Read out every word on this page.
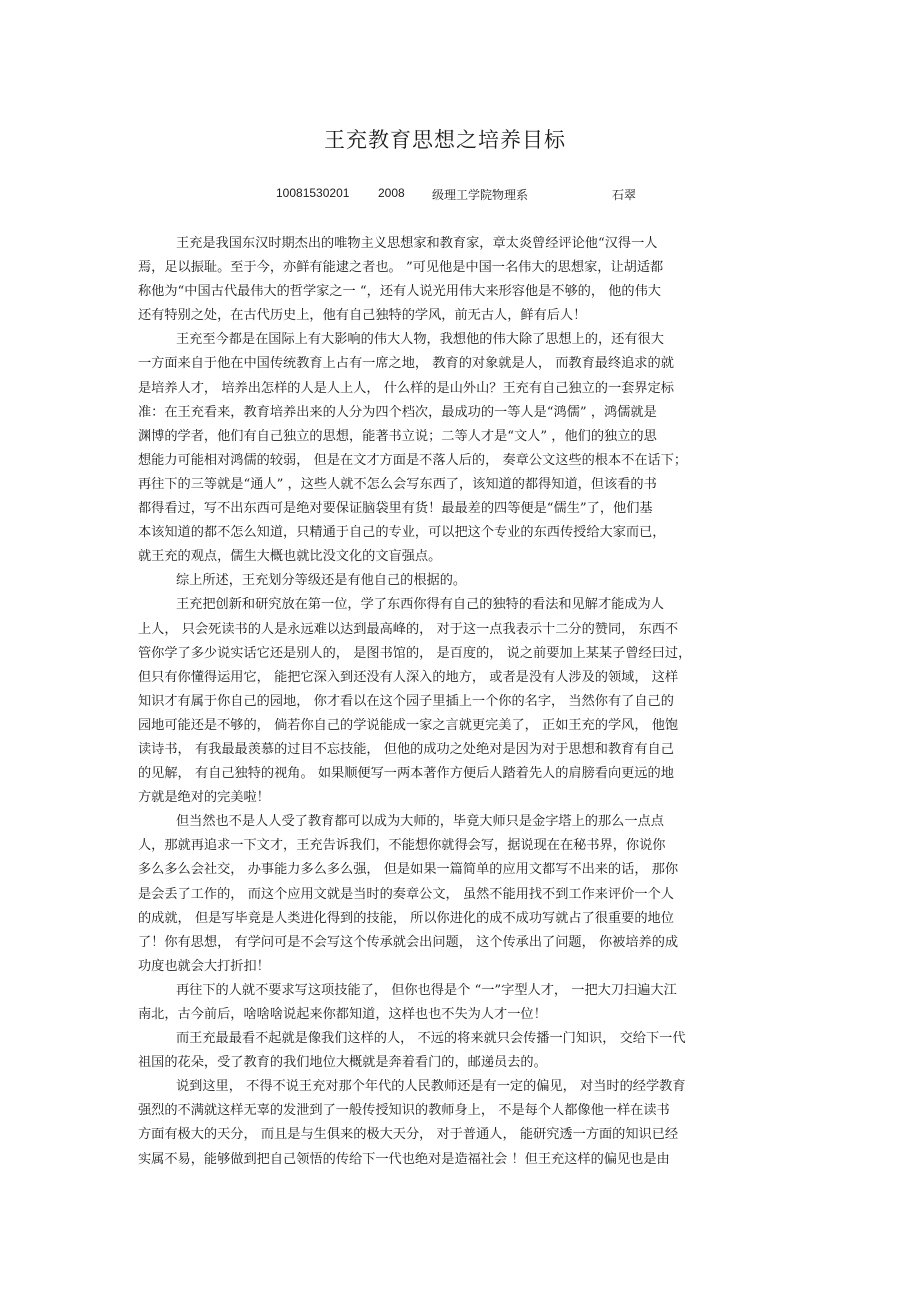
王充教育思想之培养目标
10081530201 2008 级理工学院物理系	石翠
王充是我国东汉时期杰出的唯物主义思想家和教育家，章太炎曾经评论他“汉得一人
焉，足以振耻。至于今，亦鲜有能逮之者也。 ”可见他是中国一名伟大的思想家，让胡适都
称他为“中国古代最伟大的哲学家之一 “，还有人说光用伟大来形容他是不够的， 他的伟大
还有特别之处，在古代历史上，他有自己独特的学风，前无古人，鲜有后人！
王充至今都是在国际上有大影响的伟大人物，我想他的伟大除了思想上的，还有很大
一方面来自于他在中国传统教育上占有一席之地， 教育的对象就是人， 而教育最终追求的就
是培养人才， 培养出怎样的人是人上人， 什么样的是山外山？王充有自己独立的一套界定标
准：在王充看来，教育培养出来的人分为四个档次，最成功的一等人是“鸿儒” ，鸿儒就是
渊博的学者，他们有自己独立的思想，能著书立说；二等人才是“文人” ，他们的独立的思
想能力可能相对鸿儒的较弱， 但是在文才方面是不落人后的， 奏章公文这些的根本不在话下；
再往下的三等就是“通人” ，这些人就不怎么会写东西了，该知道的都得知道，但该看的书
都得看过，写不出东西可是绝对要保证脑袋里有货！最最差的四等便是“儒生”了，他们基
本该知道的都不怎么知道，只精通于自己的专业，可以把这个专业的东西传授给大家而已，
就王充的观点，儒生大概也就比没文化的文盲强点。
综上所述，王充划分等级还是有他自己的根据的。
王充把创新和研究放在第一位，学了东西你得有自己的独特的看法和见解才能成为人
上人， 只会死读书的人是永远难以达到最高峰的， 对于这一点我表示十二分的赞同， 东西不
管你学了多少说实话它还是别人的， 是图书馆的， 是百度的， 说之前要加上某某子曾经曰过，
但只有你懂得运用它， 能把它深入到还没有人深入的地方， 或者是没有人涉及的领域， 这样
知识才有属于你自己的园地， 你才看以在这个园子里插上一个你的名字， 当然你有了自己的
园地可能还是不够的， 倘若你自己的学说能成一家之言就更完美了， 正如王充的学风， 他饱
读诗书， 有我最最羡慕的过目不忘技能， 但他的成功之处绝对是因为对于思想和教育有自己
的见解， 有自己独特的视角。 如果顺便写一两本著作方便后人踏着先人的肩膀看向更远的地
方就是绝对的完美啦！
但当然也不是人人受了教育都可以成为大师的，毕竟大师只是金字塔上的那么一点点
人，那就再追求一下文才，王充告诉我们，不能想你就得会写，据说现在在秘书界，你说你
多么多么会社交， 办事能力多么多么强， 但是如果一篇简单的应用文都写不出来的话， 那你
是会丢了工作的， 而这个应用文就是当时的奏章公文， 虽然不能用找不到工作来评价一个人
的成就， 但是写毕竟是人类进化得到的技能， 所以你进化的成不成功写就占了很重要的地位
了！你有思想， 有学问可是不会写这个传承就会出问题， 这个传承出了问题， 你被培养的成
功度也就会大打折扣！
再往下的人就不要求写这项技能了， 但你也得是个 “一”字型人才， 一把大刀扫遍大江
南北，古今前后，啥啥啥说起来你都知道，这样也也不失为人才一位！
而王充最最看不起就是像我们这样的人， 不远的将来就只会传播一门知识， 交给下一代
祖国的花朵，受了教育的我们地位大概就是奔着看门的，邮递员去的。
说到这里， 不得不说王充对那个年代的人民教师还是有一定的偏见， 对当时的经学教育
强烈的不满就这样无辜的发泄到了一般传授知识的教师身上， 不是每个人都像他一样在读书
方面有极大的天分， 而且是与生俱来的极大天分， 对于普通人， 能研究透一方面的知识已经
实属不易，能够做到把自己领悟的传给下一代也绝对是造福社会 ！但王充这样的偏见也是由
